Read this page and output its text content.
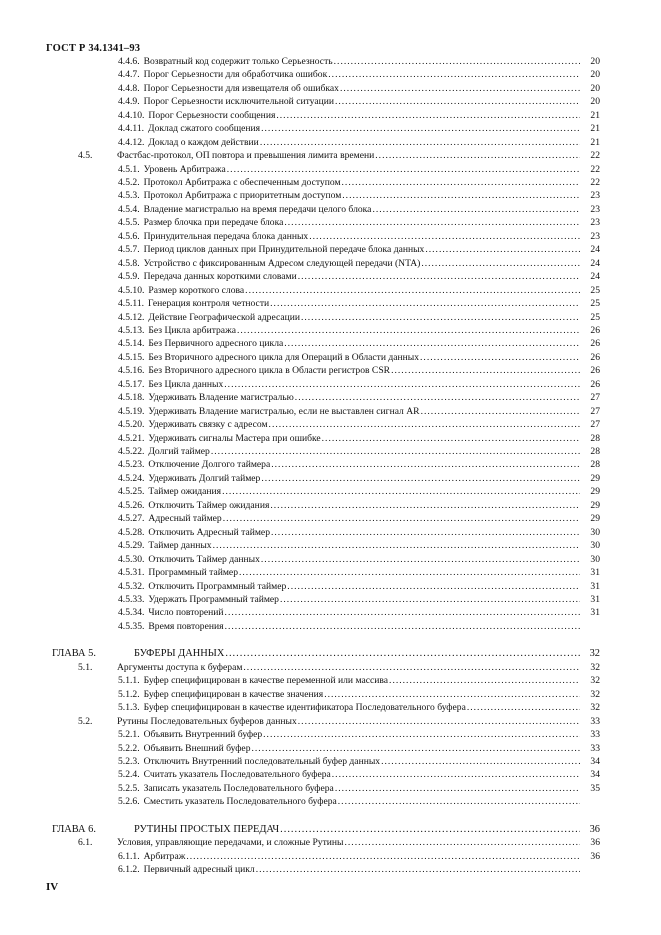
ГОСТ Р 34.1341–93
4.4.6. Возвратный код содержит только Серьезность .....	20
4.4.7. Порог Серьезности для обработчика ошибок .....	20
4.4.8. Порог Серьезности для извещателя об ошибках .....	20
4.4.9. Порог Серьезности исключительной ситуации .....	20
4.4.10. Порог Серьезности сообщения .....	21
4.4.11. Доклад сжатого сообщения .....	21
4.4.12. Доклад о каждом действии .....	21
4.5.	Фастбас-протокол, ОП повтора и превышения лимита времени .....	22
4.5.1. Уровень Арбитража .....	22
4.5.2. Протокол Арбитража с обеспеченным доступом .....	22
4.5.3. Протокол Арбитража с приоритетным доступом .....	23
4.5.4. Владение магистралью на время передачи целого блока .....	23
4.5.5. Размер блочка при передаче блока .....	23
4.5.6. Принудительная передача блока данных .....	23
4.5.7. Период циклов данных при Принудительной передаче блока данных .....	24
4.5.8. Устройство с фиксированным Адресом следующей передачи (NTA) .....	24
4.5.9. Передача данных короткими словами .....	24
4.5.10. Размер короткого слова .....	25
4.5.11. Генерация контроля четности .....	25
4.5.12. Действие Географической адресации .....	25
4.5.13. Без Цикла арбитража .....	26
4.5.14. Без Первичного адресного цикла .....	26
4.5.15. Без Вторичного адресного цикла для Операций в Области данных .....	26
4.5.16. Без Вторичного адресного цикла в Области регистров CSR .....	26
4.5.17. Без Цикла данных .....	26
4.5.18. Удерживать Владение магистралью .....	27
4.5.19. Удерживать Владение магистралью, если не выставлен сигнал AR .....	27
4.5.20. Удерживать связку с адресом .....	27
4.5.21. Удерживать сигналы Мастера при ошибке .....	28
4.5.22. Долгий таймер .....	28
4.5.23. Отключение Долгого таймера .....	28
4.5.24. Удерживать Долгий таймер .....	29
4.5.25. Таймер ожидания .....	29
4.5.26. Отключить Таймер ожидания .....	29
4.5.27. Адресный таймер .....	29
4.5.28. Отключить Адресный таймер .....	30
4.5.29. Таймер данных .....	30
4.5.30. Отключить Таймер данных .....	30
4.5.31. Программный таймер .....	31
4.5.32. Отключить Программный таймер .....	31
4.5.33. Удержать Программный таймер .....	31
4.5.34. Число повторений .....	31
4.5.35. Время повторения
.....
ГЛАВА 5.	БУФЕРЫ ДАННЫХ .....	32
5.1.	Аргументы доступа к буферам .....	32
5.1.1. Буфер специфицирован в качестве переменной или массива .....	32
5.1.2. Буфер специфицирован в качестве значения .....	32
5.1.3. Буфер специфицирован в качестве идентификатора Последовательного буфера .....	32
5.2.	Рутины Последовательных буферов данных .....	33
5.2.1. Объявить Внутренний буфер .....	33
5.2.2. Объявить Внешний буфер .....	33
5.2.3. Отключить Внутренний последовательный буфер данных .....	34
5.2.4. Считать указатель Последовательного буфера .....	34
5.2.5. Записать указатель Последовательного буфера .....	35
5.2.6. Сместить указатель Последовательного буфера
.....
ГЛАВА 6.	РУТИНЫ ПРОСТЫХ ПЕРЕДАЧ .....	36
6.1.	Условия, управляющие передачами, и сложные Рутины .....	36
6.1.1. Арбитраж .....	36
6.1.2. Первичный адресный цикл
.....
IV
